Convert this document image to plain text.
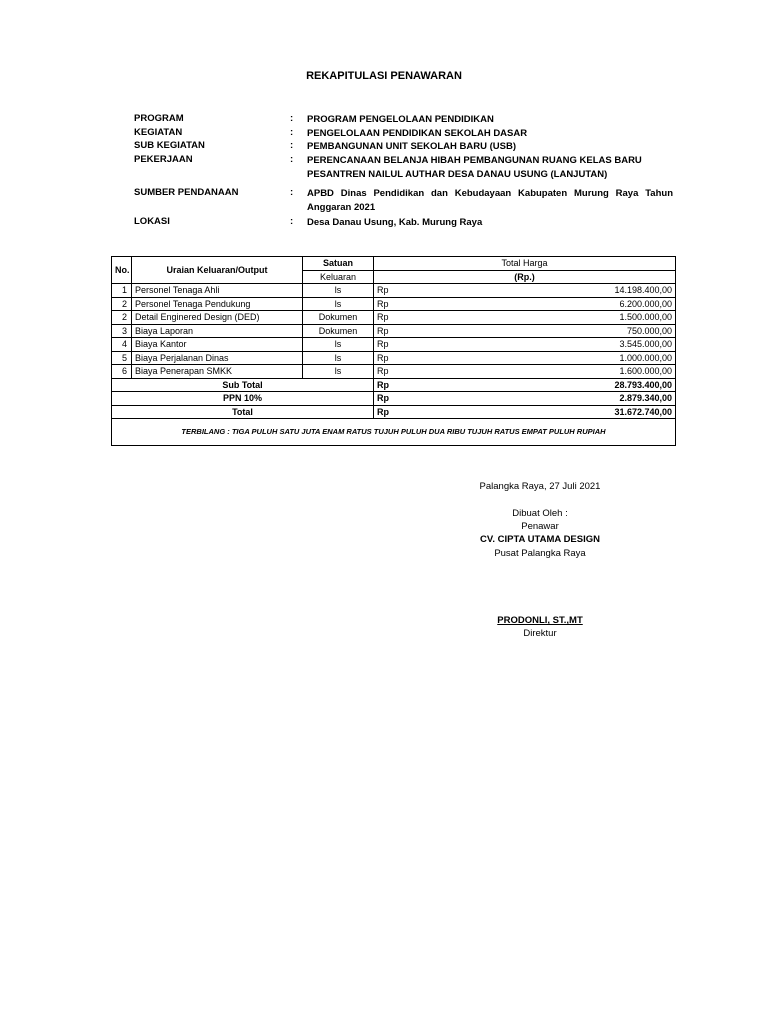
REKAPITULASI PENAWARAN
PROGRAM	: PROGRAM PENGELOLAAN PENDIDIKAN
KEGIATAN	: PENGELOLAAN PENDIDIKAN SEKOLAH DASAR
SUB KEGIATAN	: PEMBANGUNAN UNIT SEKOLAH BARU (USB)
PEKERJAAN	: PERENCANAAN BELANJA HIBAH PEMBANGUNAN RUANG KELAS BARU PESANTREN NAILUL AUTHAR DESA DANAU USUNG (LANJUTAN)
SUMBER PENDANAAN	: APBD Dinas Pendidikan dan Kebudayaan Kabupaten Murung Raya Tahun Anggaran 2021
LOKASI	: Desa Danau Usung, Kab. Murung Raya
No.	Uraian Keluaran/Output	Satuan	Total Harga	
		Keluaran	(Rp.)	
1	Personel Tenaga Ahli	ls	Rp	14.198.400,00
2	Personel Tenaga Pendukung	ls	Rp	6.200.000,00
2	Detail Enginered Design (DED)	Dokumen	Rp	1.500.000,00
3	Biaya Laporan	Dokumen	Rp	750.000,00
4	Biaya Kantor	ls	Rp	3.545.000,00
5	Biaya Perjalanan Dinas	ls	Rp	1.000.000,00
6	Biaya Penerapan SMKK	ls	Rp	1.600.000,00
Sub Total			Rp	28.793.400,00
PPN 10%			Rp	2.879.340,00
Total			Rp	31.672.740,00
TERBILANG : TIGA PULUH SATU JUTA ENAM RATUS TUJUH PULUH DUA RIBU TUJUH RATUS EMPAT PULUH RUPIAH				
Palangka Raya, 27 Juli 2021
Dibuat Oleh :
Penawar
CV. CIPTA UTAMA DESIGN
Pusat Palangka Raya
PRODONLI, ST.,MT
Direktur
